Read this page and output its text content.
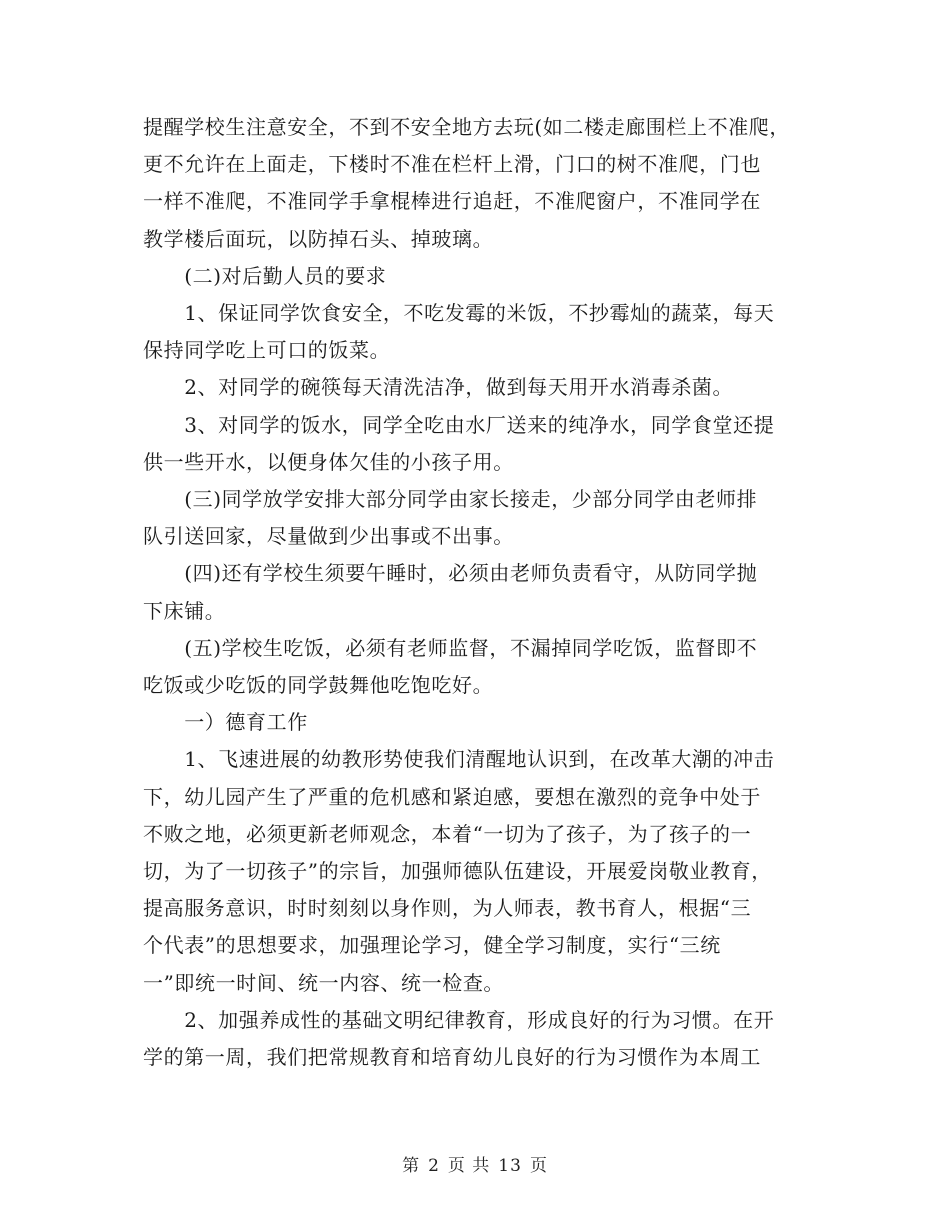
提醒学校生注意安全，不到不安全地方去玩(如二楼走廊围栏上不准爬，
更不允许在上面走，下楼时不准在栏杆上滑，门口的树不准爬，门也
一样不准爬，不准同学手拿棍棒进行追赶，不准爬窗户，不准同学在
教学楼后面玩，以防掉石头、掉玻璃。
　　(二)对后勤人员的要求
　　1、保证同学饮食安全，不吃发霉的米饭，不抄霉灿的蔬菜，每天
保持同学吃上可口的饭菜。
　　2、对同学的碗筷每天清洗洁净，做到每天用开水消毒杀菌。
　　3、对同学的饭水，同学全吃由水厂送来的纯净水，同学食堂还提
供一些开水，以便身体欠佳的小孩子用。
　　(三)同学放学安排大部分同学由家长接走，少部分同学由老师排
队引送回家，尽量做到少出事或不出事。
　　(四)还有学校生须要午睡时，必须由老师负责看守，从防同学抛
下床铺。
　　(五)学校生吃饭，必须有老师监督，不漏掉同学吃饭，监督即不
吃饭或少吃饭的同学鼓舞他吃饱吃好。
　　一）德育工作
　　1、飞速进展的幼教形势使我们清醒地认识到，在改革大潮的冲击
下，幼儿园产生了严重的危机感和紧迫感，要想在激烈的竞争中处于
不败之地，必须更新老师观念，本着“一切为了孩子，为了孩子的一
切，为了一切孩子”的宗旨，加强师德队伍建设，开展爱岗敬业教育，
提高服务意识，时时刻刻以身作则，为人师表，教书育人，根据“三
个代表”的思想要求，加强理论学习，健全学习制度，实行“三统
一”即统一时间、统一内容、统一检查。
　　2、加强养成性的基础文明纪律教育，形成良好的行为习惯。在开
学的第一周，我们把常规教育和培育幼儿良好的行为习惯作为本周工
第 2 页 共 13 页
